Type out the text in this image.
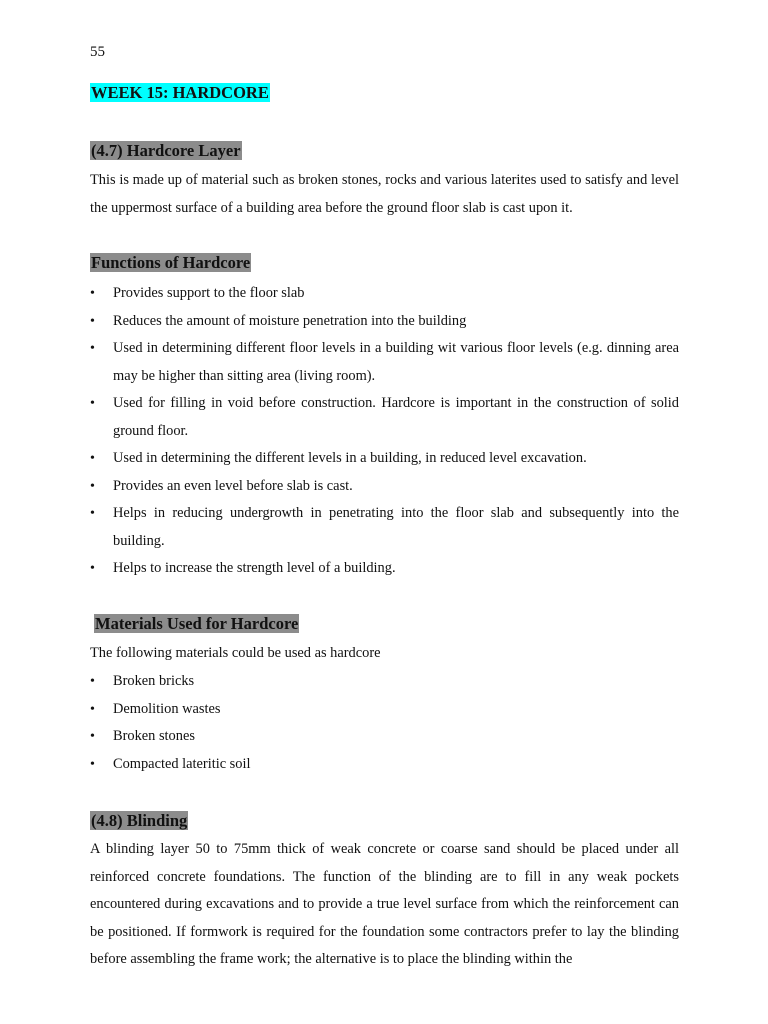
55
WEEK 15: HARDCORE
(4.7) Hardcore Layer
This is made up of material such as broken stones, rocks and various laterites used to satisfy and level the uppermost surface of a building area before the ground floor slab is cast upon it.
Functions of Hardcore
• Provides support to the floor slab
• Reduces the amount of moisture penetration into the building
• Used in determining different floor levels in a building wit various floor levels (e.g. dinning area may be higher than sitting area (living room).
• Used for filling in void before construction. Hardcore is important in the construction of solid ground floor.
• Used in determining the different levels in a building, in reduced level excavation.
• Provides an even level before slab is cast.
• Helps in reducing undergrowth in penetrating into the floor slab and subsequently into the building.
• Helps to increase the strength level of a building.
Materials Used for Hardcore
The following materials could be used as hardcore
• Broken bricks
• Demolition wastes
• Broken stones
• Compacted lateritic soil
(4.8) Blinding
A blinding layer 50 to 75mm thick of weak concrete or coarse sand should be placed under all reinforced concrete foundations. The function of the blinding are to fill in any weak pockets encountered during excavations and to provide a true level surface from which the reinforcement can be positioned. If formwork is required for the foundation some contractors prefer to lay the blinding before assembling the frame work; the alternative is to place the blinding within the
